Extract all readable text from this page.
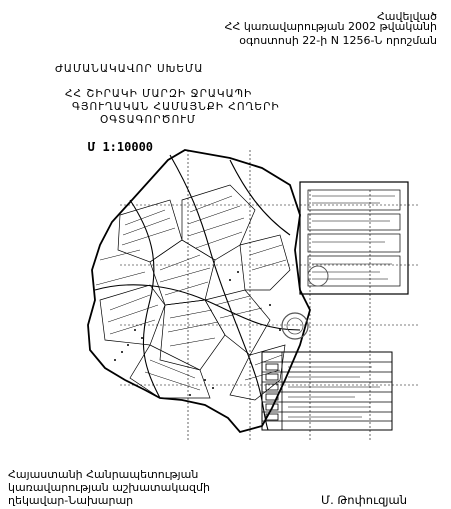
Հավելված
ՀՀ կառավարության 2002 թվականի
օգոստոսի 22-ի N 1256-Ն որոշման
ԺԱՄԱՆԱԿԱՎՈՐ ՍԽԵՄԱ
ՀՀ ՇԻՐԱԿԻ ՄԱՐԶԻ ՋՐԱԿԱՊԻ
ԳՅՈՒՂԱԿԱՆ ՀԱՄԱՅՆՔԻ ՀՈՂԵՐԻ
ՕԳՏԱԳՈՐԾՈՒՄ
Մ 1:10000
Հայաստանի Հանրապետության
կառավարության աշխատակազմի
ղեկավար-Նախարար	Մ. Թոփուզյան
